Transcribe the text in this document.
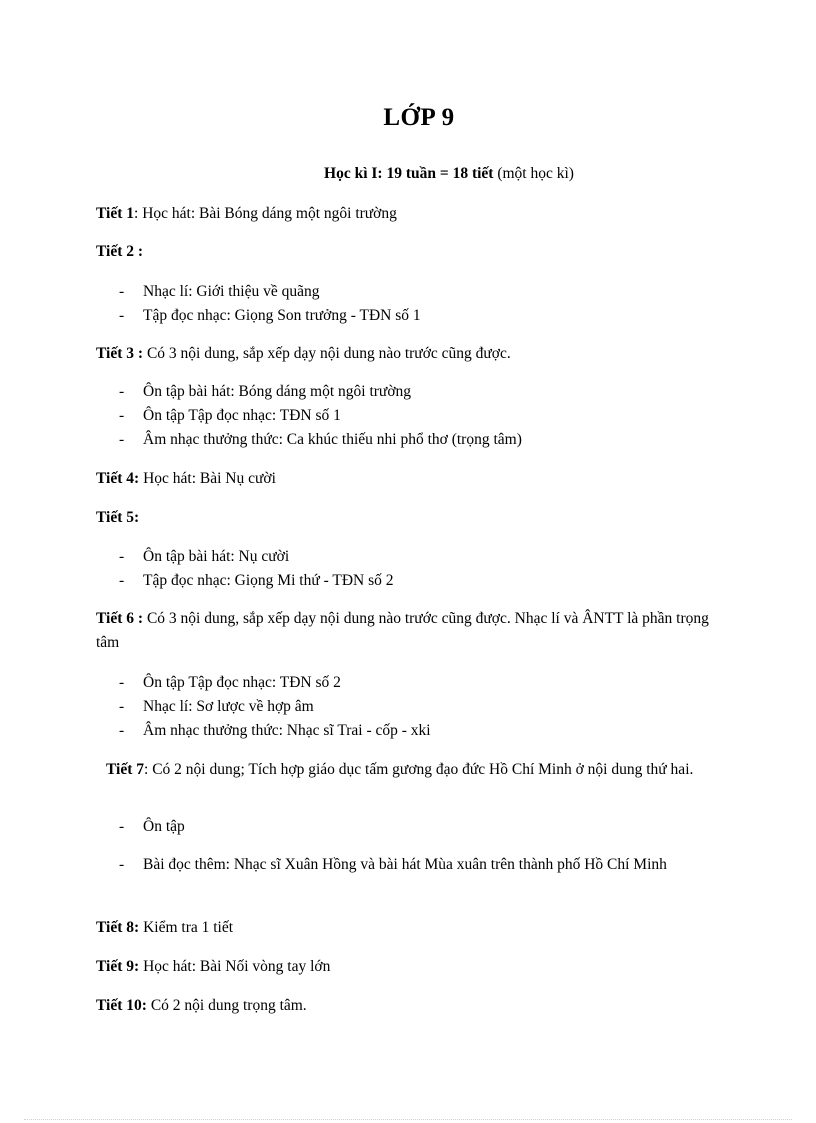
LỚP 9
Học kì I: 19 tuần = 18 tiết (một học kì)
Tiết 1: Học hát: Bài Bóng dáng một ngôi trường
Tiết 2 :
- Nhạc lí: Giới thiệu về quãng
- Tập đọc nhạc: Giọng Son trưởng - TĐN số 1
Tiết 3 : Có 3 nội dung, sắp xếp dạy nội dung nào trước cũng được.
- Ôn tập bài hát: Bóng dáng một ngôi trường
- Ôn tập Tập đọc nhạc: TĐN số 1
- Âm nhạc thưởng thức: Ca khúc thiếu nhi phổ thơ (trọng tâm)
Tiết 4: Học hát: Bài Nụ cười
Tiết 5:
- Ôn tập bài hát: Nụ cười
- Tập đọc nhạc: Giọng Mi thứ - TĐN số 2
Tiết 6 : Có 3 nội dung, sắp xếp dạy nội dung nào trước cũng được. Nhạc lí và ÂNTT là phần trọng tâm
- Ôn tập Tập đọc nhạc: TĐN số 2
- Nhạc lí: Sơ lược về hợp âm
- Âm nhạc thưởng thức: Nhạc sĩ Trai - cốp - xki
Tiết 7: Có 2 nội dung; Tích hợp giáo dục tấm gương đạo đức Hồ Chí Minh ở nội dung thứ hai.
- Ôn tập
- Bài đọc thêm: Nhạc sĩ Xuân Hồng và bài hát Mùa xuân trên thành phố Hồ Chí Minh
Tiết 8: Kiểm tra 1 tiết
Tiết 9: Học hát: Bài Nối vòng tay lớn
Tiết 10: Có 2 nội dung trọng tâm.
